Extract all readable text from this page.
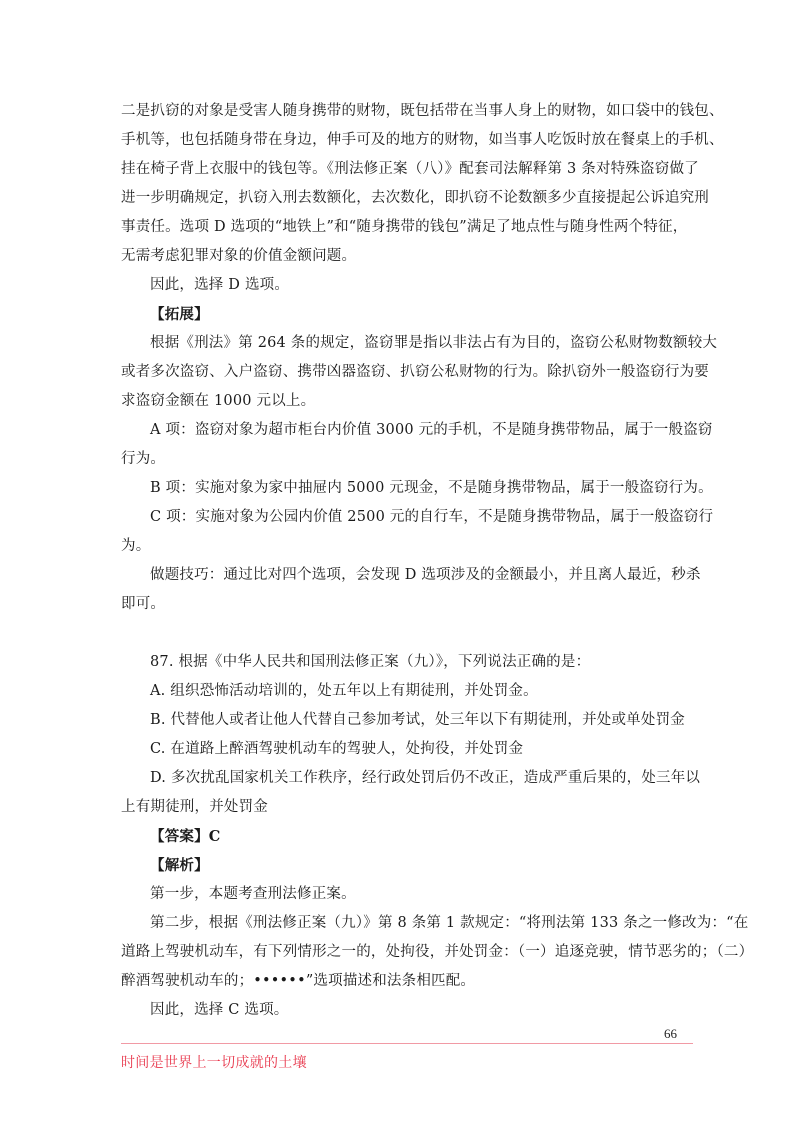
二是扒窃的对象是受害人随身携带的财物，既包括带在当事人身上的财物，如口袋中的钱包、
手机等，也包括随身带在身边，伸手可及的地方的财物，如当事人吃饭时放在餐桌上的手机、
挂在椅子背上衣服中的钱包等。《刑法修正案（八）》配套司法解释第 3 条对特殊盗窃做了
进一步明确规定，扒窃入刑去数额化，去次数化，即扒窃不论数额多少直接提起公诉追究刑
事责任。选项 D 选项的“地铁上”和“随身携带的钱包”满足了地点性与随身性两个特征，
无需考虑犯罪对象的价值金额问题。
因此，选择 D 选项。
【拓展】
根据《刑法》第 264 条的规定，盗窃罪是指以非法占有为目的，盗窃公私财物数额较大
或者多次盗窃、入户盗窃、携带凶器盗窃、扒窃公私财物的行为。除扒窃外一般盗窃行为要
求盗窃金额在 1000 元以上。
A 项：盗窃对象为超市柜台内价值 3000 元的手机，不是随身携带物品，属于一般盗窃
行为。
B 项：实施对象为家中抽屉内 5000 元现金，不是随身携带物品，属于一般盗窃行为。
C 项：实施对象为公园内价值 2500 元的自行车，不是随身携带物品，属于一般盗窃行
为。
做题技巧：通过比对四个选项，会发现 D 选项涉及的金额最小，并且离人最近，秒杀
即可。
87. 根据《中华人民共和国刑法修正案（九）》，下列说法正确的是：
A. 组织恐怖活动培训的，处五年以上有期徒刑，并处罚金。
B. 代替他人或者让他人代替自己参加考试，处三年以下有期徒刑，并处或单处罚金
C. 在道路上醉酒驾驶机动车的驾驶人，处拘役，并处罚金
D. 多次扰乱国家机关工作秩序，经行政处罚后仍不改正，造成严重后果的，处三年以
上有期徒刑，并处罚金
【答案】C
【解析】
第一步，本题考查刑法修正案。
第二步，根据《刑法修正案（九）》第 8 条第 1 款规定：“将刑法第 133 条之一修改为：“在
道路上驾驶机动车，有下列情形之一的，处拘役，并处罚金：（一）追逐竞驶，情节恶劣的；（二）
醉酒驾驶机动车的；••••••”选项描述和法条相匹配。
因此，选择 C 选项。
66
时间是世界上一切成就的土壤
